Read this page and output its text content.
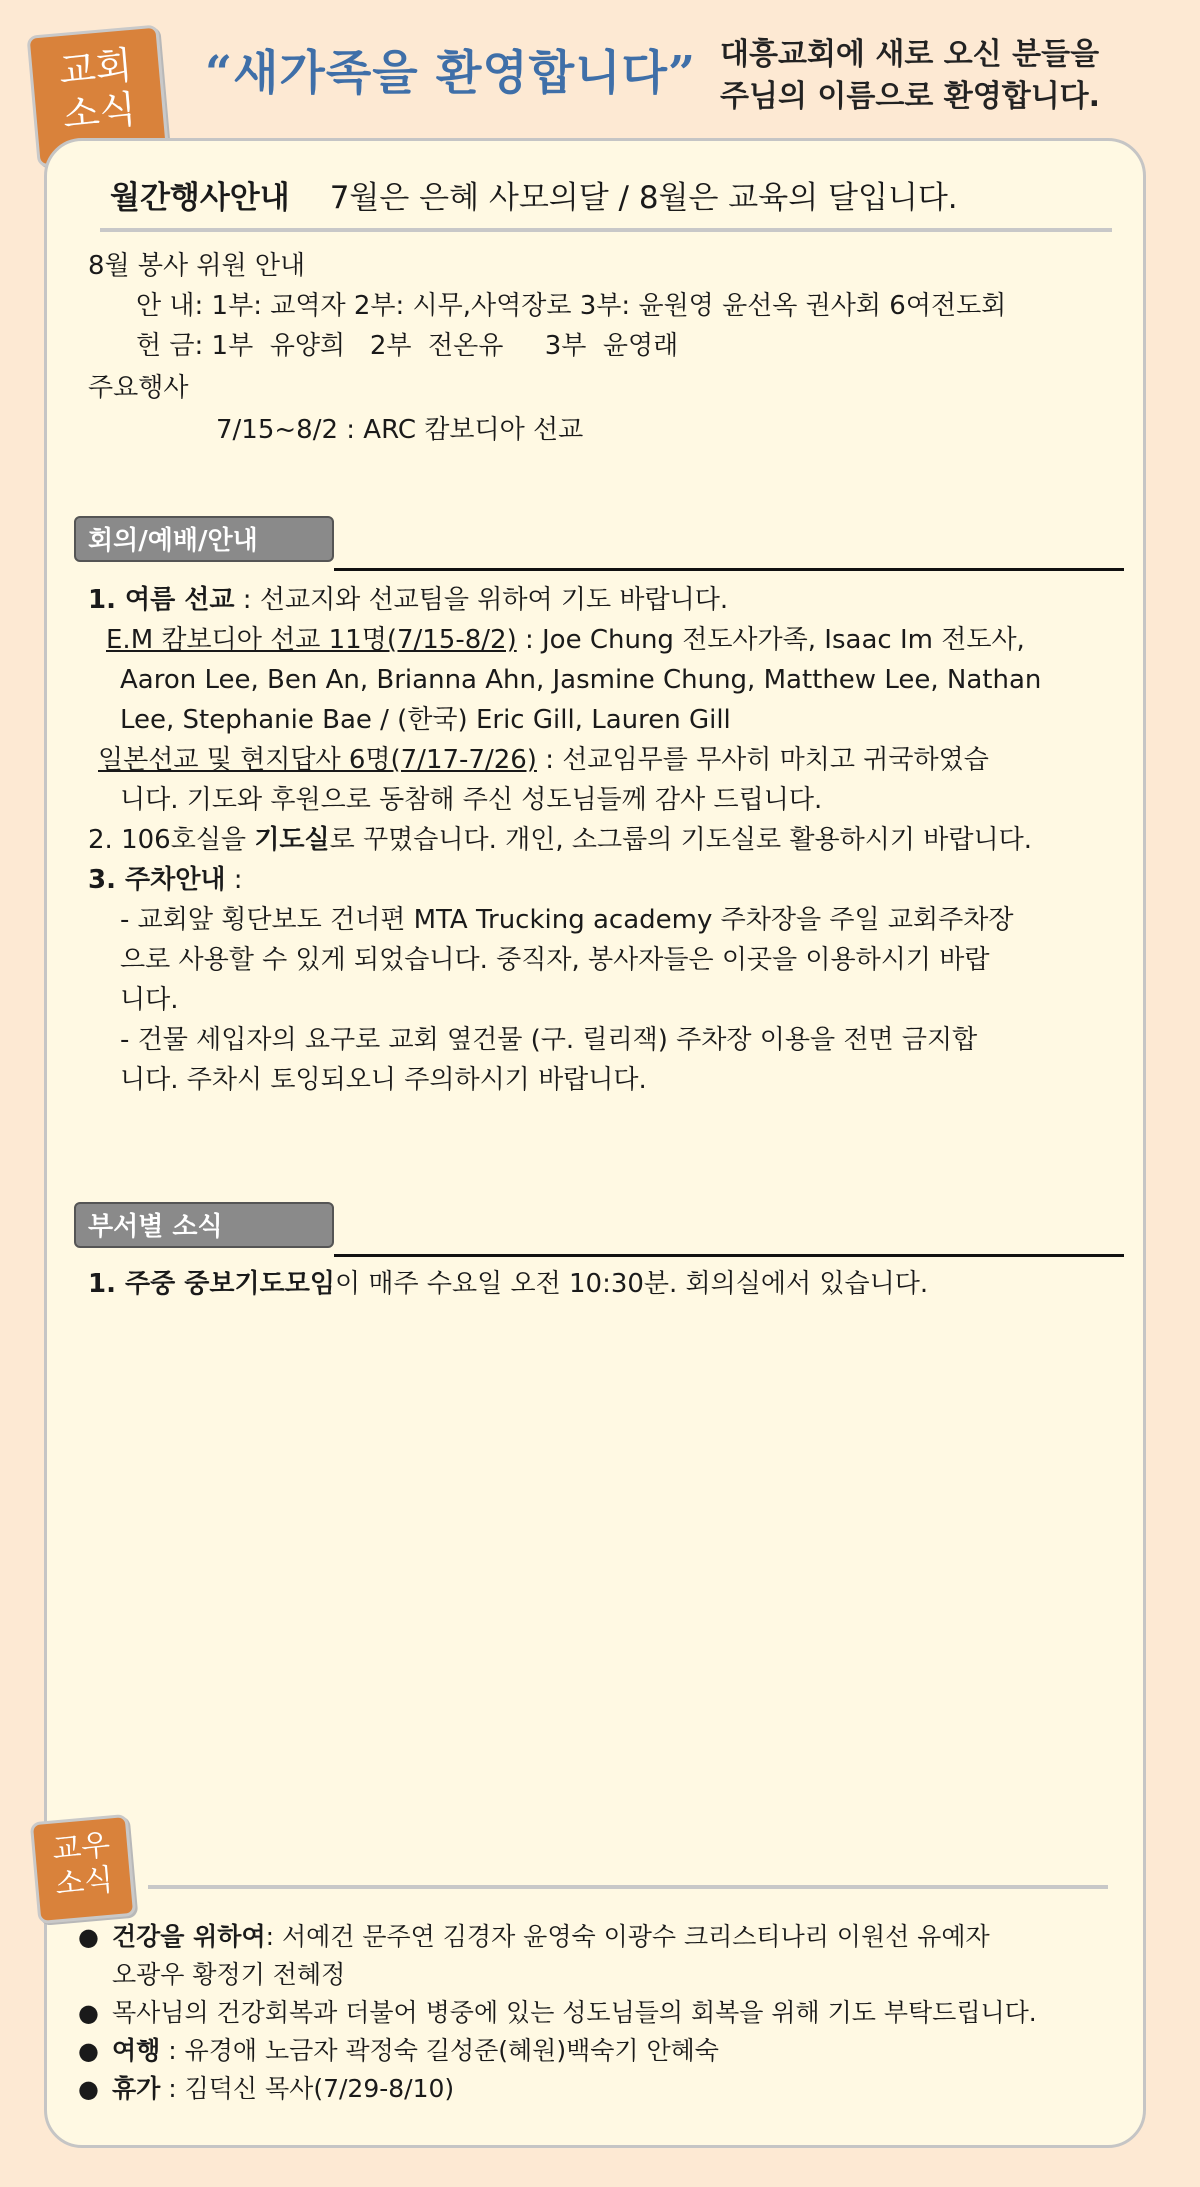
교회
소식
“새가족을 환영합니다” 대흥교회에 새로 오신 분들을
주님의 이름으로 환영합니다.
월간행사안내 7월은 은혜 사모의달 / 8월은 교육의 달입니다.
8월 봉사 위원 안내
안 내: 1부: 교역자 2부: 시무,사역장로 3부: 윤원영 윤선옥 권사회 6여전도회
헌 금: 1부  유양희   2부  전온유     3부  윤영래
주요행사
7/15~8/2 : ARC 캄보디아 선교
회의/예배/안내
1. 여름 선교 : 선교지와 선교팀을 위하여 기도 바랍니다.
E.M 캄보디아 선교 11명(7/15-8/2) : Joe Chung 전도사가족, Isaac Im 전도사,
Aaron Lee, Ben An, Brianna Ahn, Jasmine Chung, Matthew Lee, Nathan
Lee, Stephanie Bae / (한국) Eric Gill, Lauren Gill
일본선교 및 현지답사 6명(7/17-7/26) : 선교임무를 무사히 마치고 귀국하였습
니다. 기도와 후원으로 동참해 주신 성도님들께 감사 드립니다.
2. 106호실을 기도실로 꾸몄습니다. 개인, 소그룹의 기도실로 활용하시기 바랍니다.
3. 주차안내 :
- 교회앞 횡단보도 건너편 MTA Trucking academy 주차장을 주일 교회주차장
으로 사용할 수 있게 되었습니다. 중직자, 봉사자들은 이곳을 이용하시기 바랍
니다.
- 건물 세입자의 요구로 교회 옆건물 (구. 릴리잭) 주차장 이용을 전면 금지합
니다. 주차시 토잉되오니 주의하시기 바랍니다.
부서별 소식
1. 주중 중보기도모임이 매주 수요일 오전 10:30분. 회의실에서 있습니다.
교우
소식
● 건강을 위하여: 서예건 문주연 김경자 윤영숙 이광수 크리스티나리 이원선 유예자
오광우 황정기 전혜정
● 목사님의 건강회복과 더불어 병중에 있는 성도님들의 회복을 위해 기도 부탁드립니다.
● 여행 : 유경애 노금자 곽정숙 길성준(혜원)백숙기 안혜숙
● 휴가 : 김덕신 목사(7/29-8/10)
